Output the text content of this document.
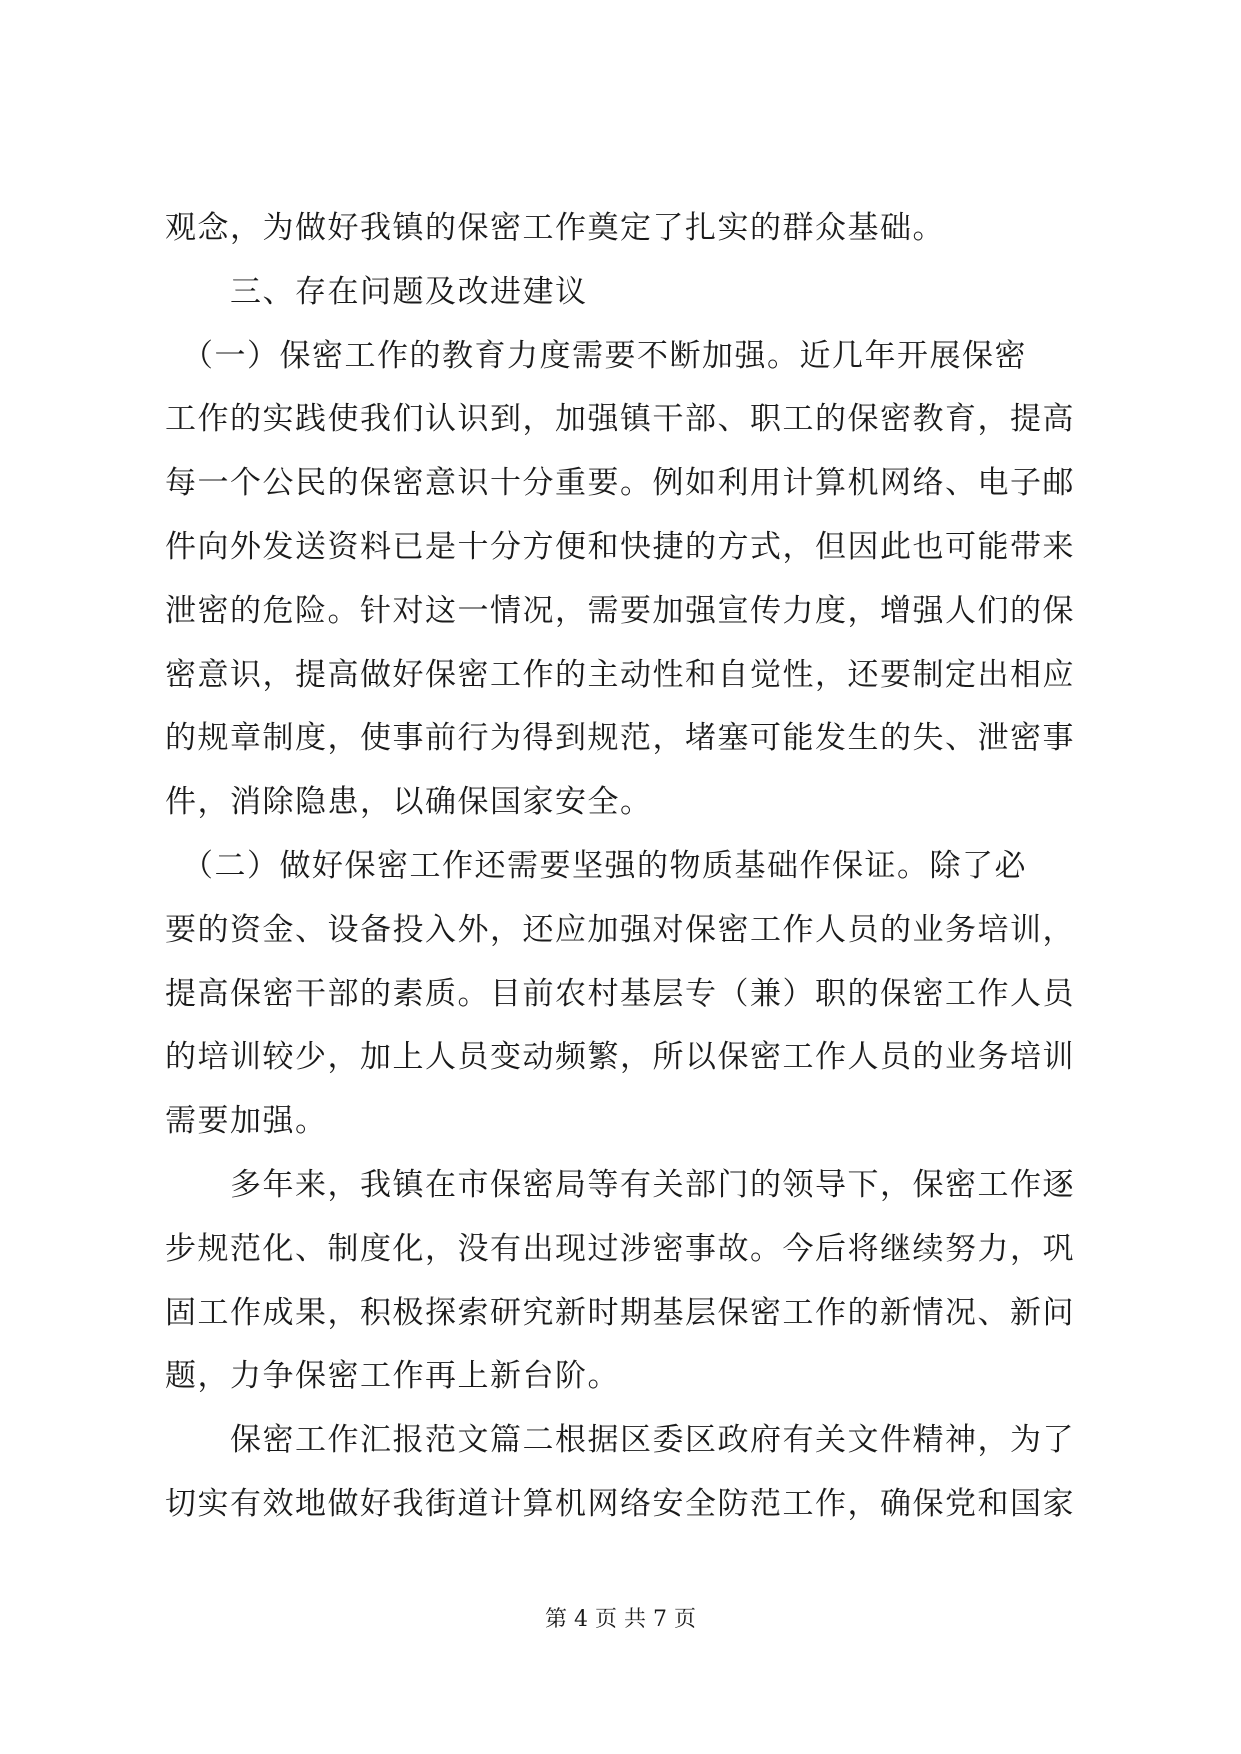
观念，为做好我镇的保密工作奠定了扎实的群众基础。
　　三、存在问题及改进建议
　（一）保密工作的教育力度需要不断加强。近几年开展保密
工作的实践使我们认识到，加强镇干部、职工的保密教育，提高
每一个公民的保密意识十分重要。例如利用计算机网络、电子邮
件向外发送资料已是十分方便和快捷的方式，但因此也可能带来
泄密的危险。针对这一情况，需要加强宣传力度，增强人们的保
密意识，提高做好保密工作的主动性和自觉性，还要制定出相应
的规章制度，使事前行为得到规范，堵塞可能发生的失、泄密事
件，消除隐患，以确保国家安全。
　（二）做好保密工作还需要坚强的物质基础作保证。除了必
要的资金、设备投入外，还应加强对保密工作人员的业务培训，
提高保密干部的素质。目前农村基层专（兼）职的保密工作人员
的培训较少，加上人员变动频繁，所以保密工作人员的业务培训
需要加强。
　　多年来，我镇在市保密局等有关部门的领导下，保密工作逐
步规范化、制度化，没有出现过涉密事故。今后将继续努力，巩
固工作成果，积极探索研究新时期基层保密工作的新情况、新问
题，力争保密工作再上新台阶。
　　保密工作汇报范文篇二根据区委区政府有关文件精神，为了
切实有效地做好我街道计算机网络安全防范工作，确保党和国家
第 4 页 共 7 页
